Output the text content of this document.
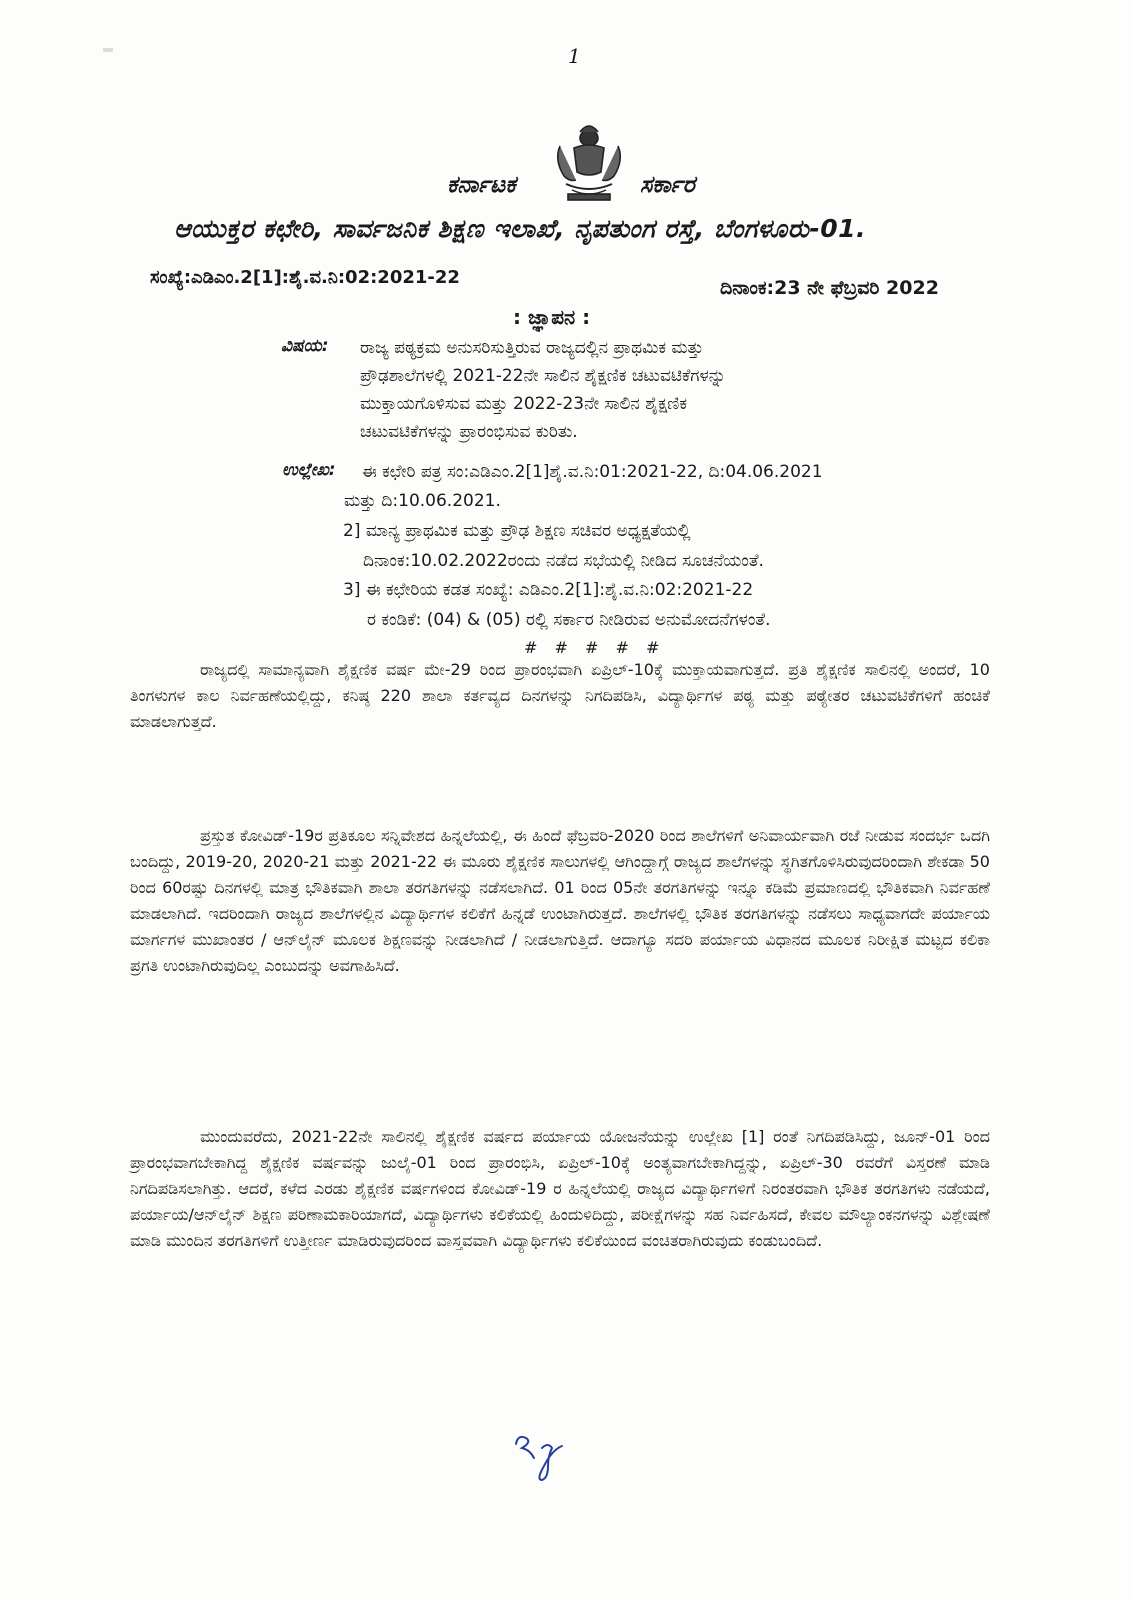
1
ಕರ್ನಾಟಕ	ಸರ್ಕಾರ
ಆಯುಕ್ತರ ಕಛೇರಿ, ಸಾರ್ವಜನಿಕ ಶಿಕ್ಷಣ ಇಲಾಖೆ, ನೃಪತುಂಗ ರಸ್ತೆ, ಬೆಂಗಳೂರು-01.
ಸಂಖ್ಯೆ:ಎಡಿಎಂ.2[1]:ಶೈ.ವ.ನಿ:02:2021-22	ದಿನಾಂಕ:23 ನೇ ಫೆಬ್ರವರಿ 2022
: ಜ್ಞಾಪನ :
ವಿಷಯ: ರಾಜ್ಯ ಪಠ್ಯಕ್ರಮ ಅನುಸರಿಸುತ್ತಿರುವ ರಾಜ್ಯದಲ್ಲಿನ ಪ್ರಾಥಮಿಕ ಮತ್ತು
ಪ್ರೌಢಶಾಲೆಗಳಲ್ಲಿ 2021-22ನೇ ಸಾಲಿನ ಶೈಕ್ಷಣಿಕ ಚಟುವಟಿಕೆಗಳನ್ನು
ಮುಕ್ತಾಯಗೊಳಿಸುವ ಮತ್ತು 2022-23ನೇ ಸಾಲಿನ ಶೈಕ್ಷಣಿಕ
ಚಟುವಟಿಕೆಗಳನ್ನು ಪ್ರಾರಂಭಿಸುವ ಕುರಿತು.
ಉಲ್ಲೇಖ: ಈ ಕಛೇರಿ ಪತ್ರ ಸಂ:ಎಡಿಎಂ.2[1]ಶೈ.ವ.ನಿ:01:2021-22, ದಿ:04.06.2021
ಮತ್ತು ದಿ:10.06.2021.
2] ಮಾನ್ಯ ಪ್ರಾಥಮಿಕ ಮತ್ತು ಪ್ರೌಢ ಶಿಕ್ಷಣ ಸಚಿವರ ಅಧ್ಯಕ್ಷತೆಯಲ್ಲಿ
ದಿನಾಂಕ:10.02.2022ರಂದು ನಡೆದ ಸಭೆಯಲ್ಲಿ ನೀಡಿದ ಸೂಚನೆಯಂತೆ.
3] ಈ ಕಛೇರಿಯ ಕಡತ ಸಂಖ್ಯೆ: ಎಡಿಎಂ.2[1]:ಶೈ.ವ.ನಿ:02:2021-22
ರ ಕಂಡಿಕೆ: (04) & (05) ರಲ್ಲಿ ಸರ್ಕಾರ ನೀಡಿರುವ ಅನುಮೋದನೆಗಳಂತೆ.
# # # # #
ರಾಜ್ಯದಲ್ಲಿ ಸಾಮಾನ್ಯವಾಗಿ ಶೈಕ್ಷಣಿಕ ವರ್ಷ ಮೇ-29 ರಿಂದ ಪ್ರಾರಂಭವಾಗಿ ಏಪ್ರಿಲ್-10ಕ್ಕೆ ಮುಕ್ತಾಯವಾಗುತ್ತದೆ. ಪ್ರತಿ ಶೈಕ್ಷಣಿಕ ಸಾಲಿನಲ್ಲಿ ಅಂದರೆ, 10 ತಿಂಗಳುಗಳ ಕಾಲ ನಿರ್ವಹಣೆಯಲ್ಲಿದ್ದು, ಕನಿಷ್ಠ 220 ಶಾಲಾ ಕರ್ತವ್ಯದ ದಿನಗಳನ್ನು ನಿಗದಿಪಡಿಸಿ, ವಿದ್ಯಾರ್ಥಿಗಳ ಪಠ್ಯ ಮತ್ತು ಪಠ್ಯೇತರ ಚಟುವಟಿಕೆಗಳಿಗೆ ಹಂಚಿಕೆ ಮಾಡಲಾಗುತ್ತದೆ.
ಪ್ರಸ್ತುತ ಕೋವಿಡ್-19ರ ಪ್ರತಿಕೂಲ ಸನ್ನಿವೇಶದ ಹಿನ್ನಲೆಯಲ್ಲಿ, ಈ ಹಿಂದೆ ಫೆಬ್ರವರಿ-2020 ರಿಂದ ಶಾಲೆಗಳಿಗೆ ಅನಿವಾರ್ಯವಾಗಿ ರಜೆ ನೀಡುವ ಸಂದರ್ಭ ಒದಗಿ ಬಂದಿದ್ದು, 2019-20, 2020-21 ಮತ್ತು 2021-22 ಈ ಮೂರು ಶೈಕ್ಷಣಿಕ ಸಾಲುಗಳಲ್ಲಿ ಆಗಿಂದ್ದಾಗ್ಗೆ ರಾಜ್ಯದ ಶಾಲೆಗಳನ್ನು ಸ್ಥಗಿತಗೊಳಿಸಿರುವುದರಿಂದಾಗಿ ಶೇಕಡಾ 50 ರಿಂದ 60ರಷ್ಟು ದಿನಗಳಲ್ಲಿ ಮಾತ್ರ ಭೌತಿಕವಾಗಿ ಶಾಲಾ ತರಗತಿಗಳನ್ನು ನಡೆಸಲಾಗಿದೆ. 01 ರಿಂದ 05ನೇ ತರಗತಿಗಳನ್ನು ಇನ್ನೂ ಕಡಿಮೆ ಪ್ರಮಾಣದಲ್ಲಿ ಭೌತಿಕವಾಗಿ ನಿರ್ವಹಣೆ ಮಾಡಲಾಗಿದೆ. ಇದರಿಂದಾಗಿ ರಾಜ್ಯದ ಶಾಲೆಗಳಲ್ಲಿನ ವಿದ್ಯಾರ್ಥಿಗಳ ಕಲಿಕೆಗೆ ಹಿನ್ನಡೆ ಉಂಟಾಗಿರುತ್ತದೆ. ಶಾಲೆಗಳಲ್ಲಿ ಭೌತಿಕ ತರಗತಿಗಳನ್ನು ನಡೆಸಲು ಸಾಧ್ಯವಾಗದೇ ಪರ್ಯಾಯ ಮಾರ್ಗಗಳ ಮುಖಾಂತರ / ಆನ್‌ಲೈನ್ ಮೂಲಕ ಶಿಕ್ಷಣವನ್ನು ನೀಡಲಾಗಿದೆ / ನೀಡಲಾಗುತ್ತಿದೆ. ಆದಾಗ್ಯೂ ಸದರಿ ಪರ್ಯಾಯ ವಿಧಾನದ ಮೂಲಕ ನಿರೀಕ್ಷಿತ ಮಟ್ಟದ ಕಲಿಕಾ ಪ್ರಗತಿ ಉಂಟಾಗಿರುವುದಿಲ್ಲ ಎಂಬುದನ್ನು ಅವಗಾಹಿಸಿದೆ.
ಮುಂದುವರೆದು, 2021-22ನೇ ಸಾಲಿನಲ್ಲಿ ಶೈಕ್ಷಣಿಕ ವರ್ಷದ ಪರ್ಯಾಯ ಯೋಜನೆಯನ್ನು ಉಲ್ಲೇಖ [1] ರಂತೆ ನಿಗದಿಪಡಿಸಿದ್ದು, ಜೂನ್-01 ರಿಂದ ಪ್ರಾರಂಭವಾಗಬೇಕಾಗಿದ್ದ ಶೈಕ್ಷಣಿಕ ವರ್ಷವನ್ನು ಜುಲೈ-01 ರಿಂದ ಪ್ರಾರಂಭಿಸಿ, ಏಪ್ರಿಲ್-10ಕ್ಕೆ ಅಂತ್ಯವಾಗಬೇಕಾಗಿದ್ದನ್ನು, ಏಪ್ರಿಲ್-30 ರವರೆಗೆ ವಿಸ್ತರಣೆ ಮಾಡಿ ನಿಗದಿಪಡಿಸಲಾಗಿತ್ತು. ಆದರೆ, ಕಳೆದ ಎರಡು ಶೈಕ್ಷಣಿಕ ವರ್ಷಗಳಿಂದ ಕೋವಿಡ್-19 ರ ಹಿನ್ನಲೆಯಲ್ಲಿ ರಾಜ್ಯದ ವಿದ್ಯಾರ್ಥಿಗಳಿಗೆ ನಿರಂತರವಾಗಿ ಭೌತಿಕ ತರಗತಿಗಳು ನಡೆಯದೆ, ಪರ್ಯಾಯ/ಆನ್‌ಲೈನ್ ಶಿಕ್ಷಣ ಪರಿಣಾಮಕಾರಿಯಾಗದೆ, ವಿದ್ಯಾರ್ಥಿಗಳು ಕಲಿಕೆಯಲ್ಲಿ ಹಿಂದುಳಿದಿದ್ದು, ಪರೀಕ್ಷೆಗಳನ್ನು ಸಹ ನಿರ್ವಹಿಸದೆ, ಕೇವಲ ಮೌಲ್ಯಾಂಕನಗಳನ್ನು ವಿಶ್ಲೇಷಣೆ ಮಾಡಿ ಮುಂದಿನ ತರಗತಿಗಳಿಗೆ ಉತ್ತೀರ್ಣ ಮಾಡಿರುವುದರಿಂದ ವಾಸ್ತವವಾಗಿ ವಿದ್ಯಾರ್ಥಿಗಳು ಕಲಿಕೆಯಿಂದ ವಂಚಿತರಾಗಿರುವುದು ಕಂಡುಬಂದಿದೆ.
